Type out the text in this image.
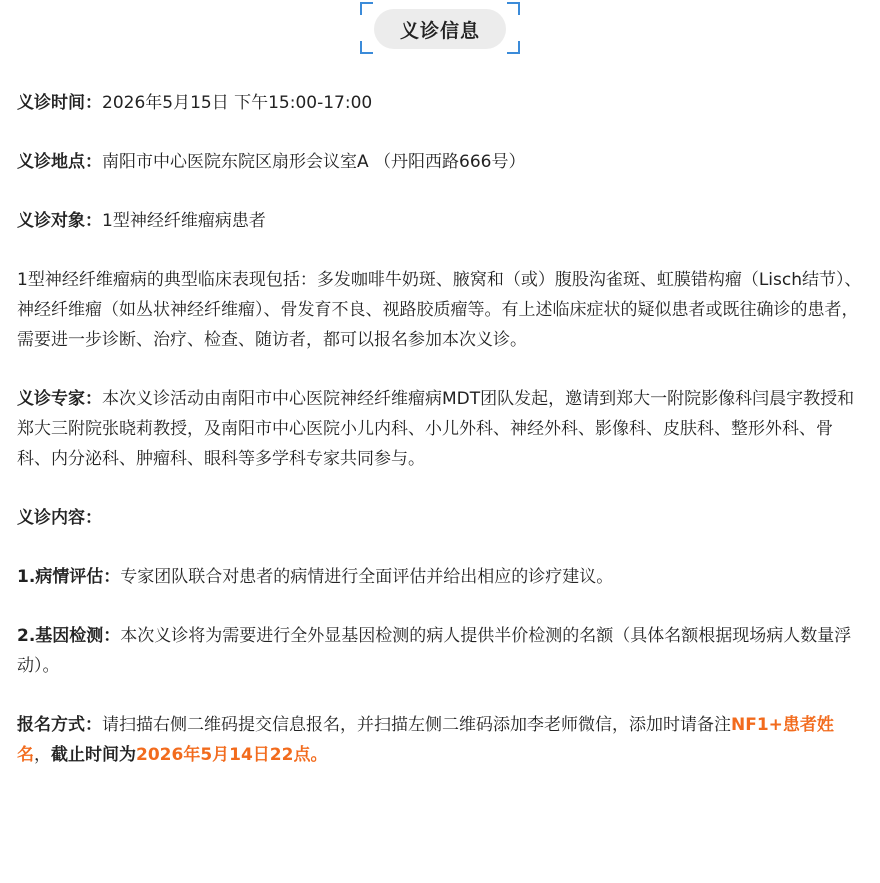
义诊信息

义诊时间：2026年5月15日 下午15:00-17:00

义诊地点：南阳市中心医院东院区扇形会议室A （丹阳西路666号）

义诊对象：1型神经纤维瘤病患者

1型神经纤维瘤病的典型临床表现包括：多发咖啡牛奶斑、腋窝和（或）腹股沟雀斑、虹膜错构瘤（Lisch结节）、神经纤维瘤（如丛状神经纤维瘤）、骨发育不良、视路胶质瘤等。有上述临床症状的疑似患者或既往确诊的患者，需要进一步诊断、治疗、检查、随访者，都可以报名参加本次义诊。

义诊专家：本次义诊活动由南阳市中心医院神经纤维瘤病MDT团队发起，邀请到郑大一附院影像科闫晨宇教授和郑大三附院张晓莉教授，及南阳市中心医院小儿内科、小儿外科、神经外科、影像科、皮肤科、整形外科、骨科、内分泌科、肿瘤科、眼科等多学科专家共同参与。

义诊内容：

1.病情评估：专家团队联合对患者的病情进行全面评估并给出相应的诊疗建议。

2.基因检测：本次义诊将为需要进行全外显基因检测的病人提供半价检测的名额（具体名额根据现场病人数量浮动）。

报名方式：请扫描右侧二维码提交信息报名，并扫描左侧二维码添加李老师微信，添加时请备注NF1+患者姓名，截止时间为2026年5月14日22点。
